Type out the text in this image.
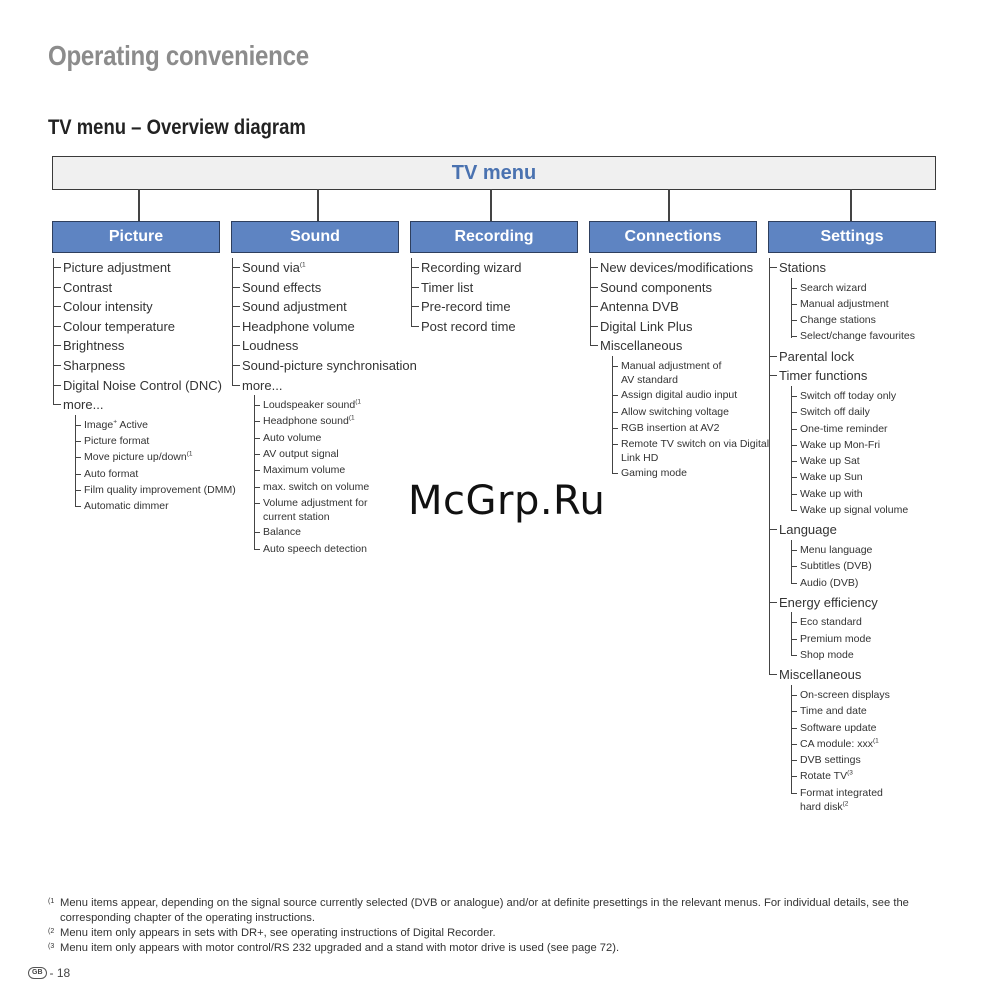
Operating convenience
TV menu – Overview diagram
TV menu
Picture	Sound	Recording	Connections	Settings
Picture adjustment
Contrast
Colour intensity
Colour temperature
Brightness
Sharpness
Digital Noise Control (DNC)
more...
Image+ Active
Picture format
Move picture up/down$^{(1}$
Auto format
Film quality improvement (DMM)
Automatic dimmer
Sound via$^{(1}$
Sound effects
Sound adjustment
Headphone volume
Loudness
Sound-picture synchronisation
more...
Loudspeaker sound$^{(1}$
Headphone sound$^{(1}$
Auto volume
AV output signal
Maximum volume
max. switch on volume
Volume adjustment for
current station
Balance
Auto speech detection
Recording wizard
Timer list
Pre-record time
Post record time
New devices/modifications
Sound components
Antenna DVB
Digital Link Plus
Miscellaneous
Manual adjustment of
AV standard
Assign digital audio input
Allow switching voltage
RGB insertion at AV2
Remote TV switch on via Digital
Link HD
Gaming mode
Stations
Search wizard
Manual adjustment
Change stations
Select/change favourites
Parental lock
Timer functions
Switch off today only
Switch off daily
One-time reminder
Wake up Mon-Fri
Wake up Sat
Wake up Sun
Wake up with
Wake up signal volume
Language
Menu language
Subtitles (DVB)
Audio (DVB)
Energy efficiency
Eco standard
Premium mode
Shop mode
Miscellaneous
On-screen displays
Time and date
Software update
CA module: xxx$^{(1}$
DVB settings
Rotate TV$^{(3}$
Format integrated
hard disk$^{(2}$
McGrp.Ru
(1 Menu items appear, depending on the signal source currently selected (DVB or analogue) and/or at definite presettings in the relevant menus. For individual details, see the corresponding chapter of the operating instructions.
(2 Menu item only appears in sets with DR+, see operating instructions of Digital Recorder.
(3 Menu item only appears with motor control/RS 232 upgraded and a stand with motor drive is used (see page 72).
GB - 18
